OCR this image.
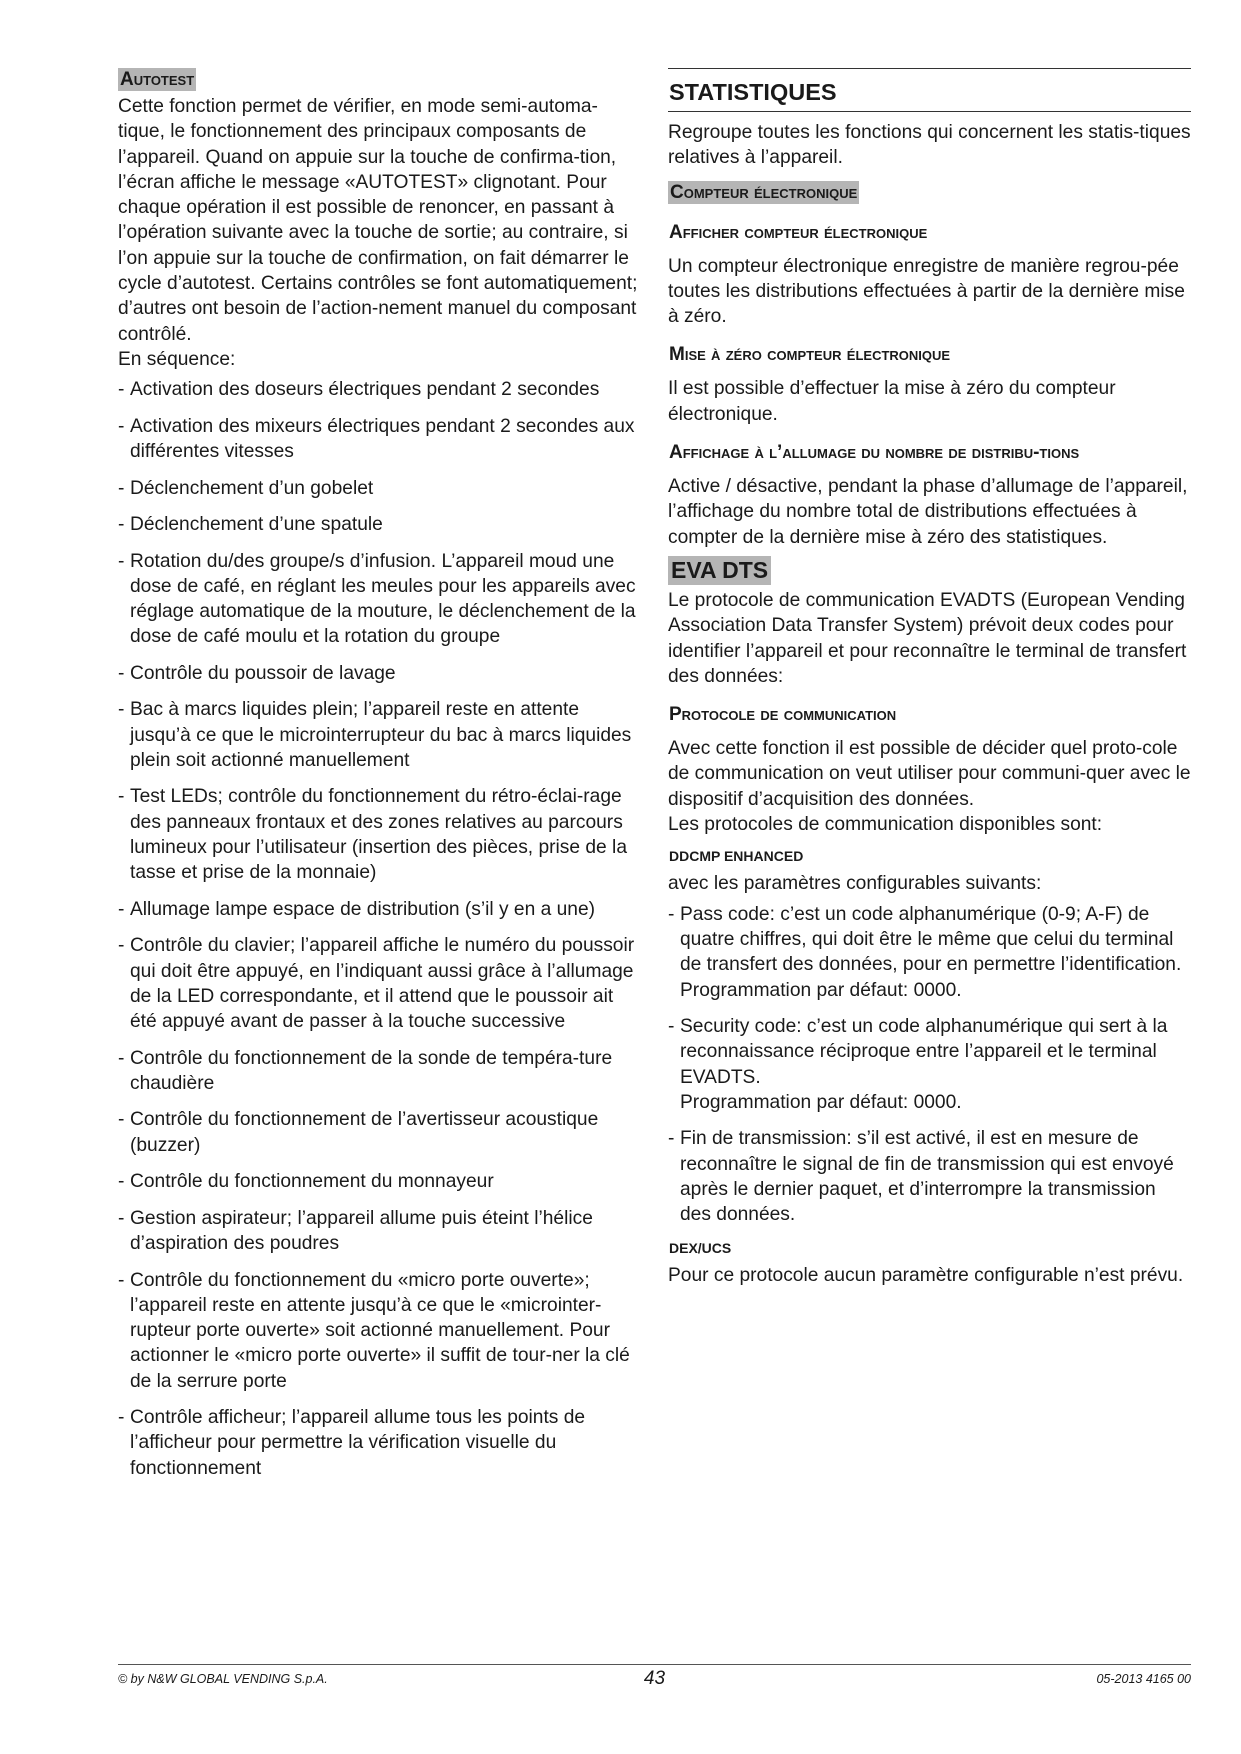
Autotest

Cette fonction permet de vérifier, en mode semi-automa-tique, le fonctionnement des principaux composants de l’appareil. Quand on appuie sur la touche de confirma-tion, l’écran affiche le message «AUTOTEST» clignotant. Pour chaque opération il est possible de renoncer, en passant à l’opération suivante avec la touche de sortie; au contraire, si l’on appuie sur la touche de confirmation, on fait démarrer le cycle d’autotest. Certains contrôles se font automatiquement; d’autres ont besoin de l’action-nement manuel du composant contrôlé.

En séquence:

- Activation des doseurs électriques pendant 2 secondes
- Activation des mixeurs électriques pendant 2 secondes aux différentes vitesses
- Déclenchement d’un gobelet
- Déclenchement d’une spatule
- Rotation du/des groupe/s d’infusion. L’appareil moud une dose de café, en réglant les meules pour les appareils avec réglage automatique de la mouture, le déclenchement de la dose de café moulu et la rotation du groupe
- Contrôle du poussoir de lavage
- Bac à marcs liquides plein; l’appareil reste en attente jusqu’à ce que le microinterrupteur du bac à marcs liquides plein soit actionné manuellement
- Test LEDs; contrôle du fonctionnement du rétro-éclai-rage des panneaux frontaux et des zones relatives au parcours lumineux pour l’utilisateur (insertion des pièces, prise de la tasse et prise de la monnaie)
- Allumage lampe espace de distribution (s’il y en a une)
- Contrôle du clavier; l’appareil affiche le numéro du poussoir qui doit être appuyé, en l’indiquant aussi grâce à l’allumage de la LED correspondante, et il attend que le poussoir ait été appuyé avant de passer à la touche successive
- Contrôle du fonctionnement de la sonde de tempéra-ture chaudière
- Contrôle du fonctionnement de l’avertisseur acoustique (buzzer)
- Contrôle du fonctionnement du monnayeur
- Gestion aspirateur; l’appareil allume puis éteint l’hélice d’aspiration des poudres
- Contrôle du fonctionnement du «micro porte ouverte»; l’appareil reste en attente jusqu’à ce que le «microinter-rupteur porte ouverte» soit actionné manuellement. Pour actionner le «micro porte ouverte» il suffit de tour-ner la clé de la serrure porte
- Contrôle afficheur; l’appareil allume tous les points de l’afficheur pour permettre la vérification visuelle du fonctionnement
STATISTIQUES

Regroupe toutes les fonctions qui concernent les statis-tiques relatives à l’appareil.

Compteur électronique
Afficher compteur électronique

Un compteur électronique enregistre de manière regrou-pée toutes les distributions effectuées à partir de la dernière mise à zéro.

Mise à zéro compteur électronique

Il est possible d’effectuer la mise à zéro du compteur électronique.

Affichage à l’allumage du nombre de distribu-tions

Active / désactive, pendant la phase d’allumage de l’appareil, l’affichage du nombre total de distributions effectuées à compter de la dernière mise à zéro des statistiques.

EVA DTS

Le protocole de communication EVADTS (European Vending Association Data Transfer System) prévoit deux codes pour identifier l’appareil et pour reconnaître le terminal de transfert des données:

Protocole de communication

Avec cette fonction il est possible de décider quel proto-cole de communication on veut utiliser pour communi-quer avec le dispositif d’acquisition des données.

Les protocoles de communication disponibles sont:

DDCMP ENHANCED

avec les paramètres configurables suivants:

- Pass code: c’est un code alphanumérique (0-9; A-F) de quatre chiffres, qui doit être le même que celui du terminal de transfert des données, pour en permettre l’identification.
Programmation par défaut: 0000.
- Security code: c’est un code alphanumérique qui sert à la reconnaissance réciproque entre l’appareil et le terminal EVADTS.
Programmation par défaut: 0000.
- Fin de transmission: s’il est activé, il est en mesure de reconnaître le signal de fin de transmission qui est envoyé après le dernier paquet, et d’interrompre la transmission des données.
DEX/UCS

Pour ce protocole aucun paramètre configurable n’est prévu.

© by N&W GLOBAL VENDING S.p.A.	43	05-2013 4165 00
